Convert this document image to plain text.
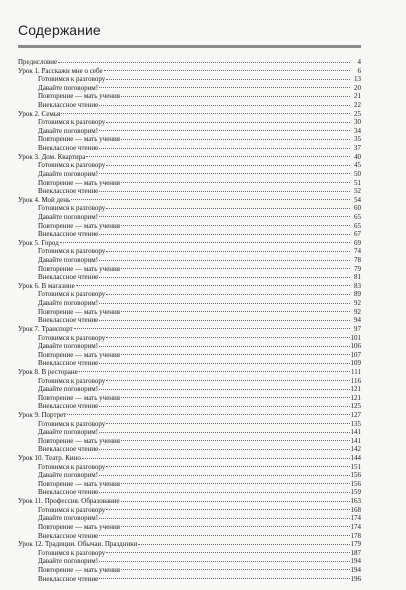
Содержание
Предисловие	4
Урок 1. Расскажи мне о себе	6
Готовимся к разговору	13
Давайте поговорим!	20
Повторение — мать учения	21
Внеклассное чтение	22
Урок 2. Семья	25
Готовимся к разговору	30
Давайте поговорим!	34
Повторение — мать учения	35
Внеклассное чтение	37
Урок 3. Дом. Квартира	40
Готовимся к разговору	45
Давайте поговорим!	50
Повторение — мать учения	51
Внеклассное чтение	52
Урок 4. Мой день	54
Готовимся к разговору	60
Давайте поговорим!	65
Повторение — мать учения	65
Внеклассное чтение	67
Урок 5. Город	69
Готовимся к разговору	74
Давайте поговорим!	78
Повторение — мать учения	79
Внеклассное чтение	81
Урок 6. В магазине	83
Готовимся к разговору	89
Давайте поговорим!	92
Повторение — мать учения	92
Внеклассное чтение	94
Урок 7. Транспорт	97
Готовимся к разговору	101
Давайте поговорим!	106
Повторение — мать учения	107
Внеклассное чтение	109
Урок 8. В ресторане	111
Готовимся к разговору	116
Давайте поговорим!	121
Повторение — мать учения	121
Внеклассное чтение	125
Урок 9. Портрет	127
Готовимся к разговору	135
Давайте поговорим!	141
Повторение — мать учения	141
Внеклассное чтение	142
Урок 10. Театр. Кино	144
Готовимся к разговору	151
Давайте поговорим!	156
Повторение — мать учения	156
Внеклассное чтение	159
Урок 11. Профессия. Образование	163
Готовимся к разговору	168
Давайте поговорим!	174
Повторение — мать учения	174
Внеклассное чтение	178
Урок 12. Традиции. Обычаи. Праздники	179
Готовимся к разговору	187
Давайте поговорим!	194
Повторение — мать учения	194
Внеклассное чтение	196
